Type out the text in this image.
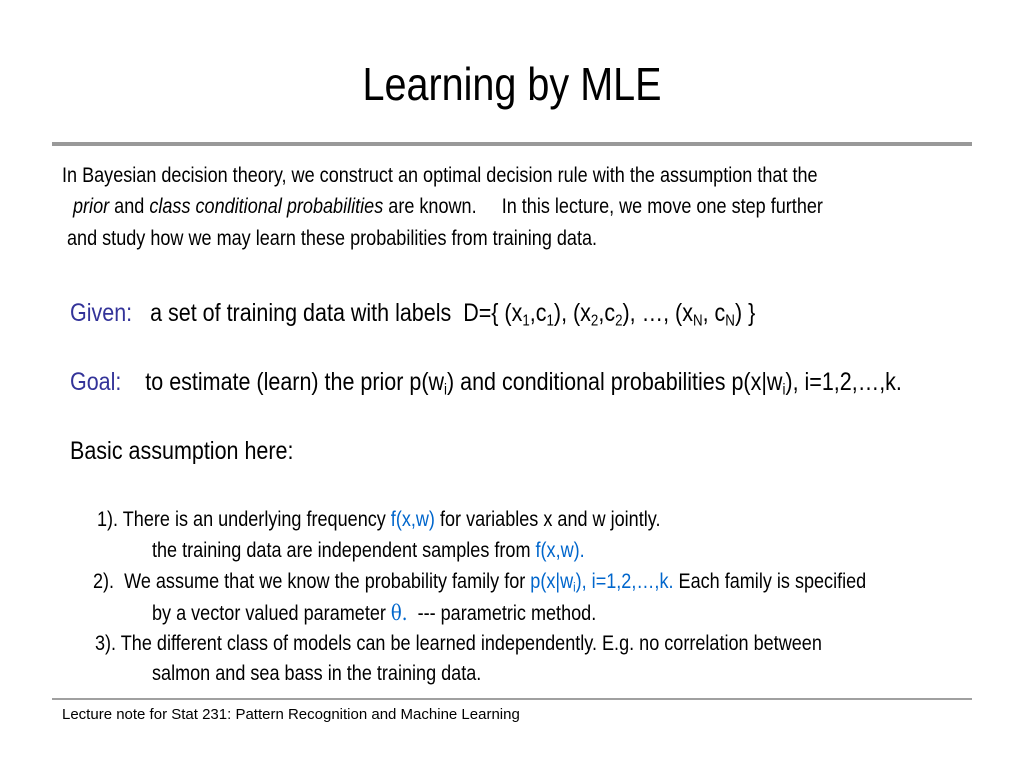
Learning by MLE
In Bayesian decision theory, we construct an optimal decision rule with the assumption that the
prior and class conditional probabilities are known.     In this lecture, we move one step further
and study how we may learn these probabilities from training data.
Given: a set of training data with labels  D={ $(x_1,c_1)$, $(x_2,c_2)$, …, ($x_N$, $c_N$) }
Goal: to estimate (learn) the prior $p(w_i)$ and conditional probabilities $p(x|w_i)$, i=1,2,…,k.
Basic assumption here:
1). There is an underlying frequency f(x,w) for variables x and w jointly.
the training data are independent samples from f(x,w).
2).  We assume that we know the probability family for $p(x|w_i)$, i=1,2,…,k. Each family is specified
by a vector valued parameter θ.  --- parametric method.
3). The different class of models can be learned independently. E.g. no correlation between
salmon and sea bass in the training data.
Lecture note for Stat 231: Pattern Recognition and Machine Learning
